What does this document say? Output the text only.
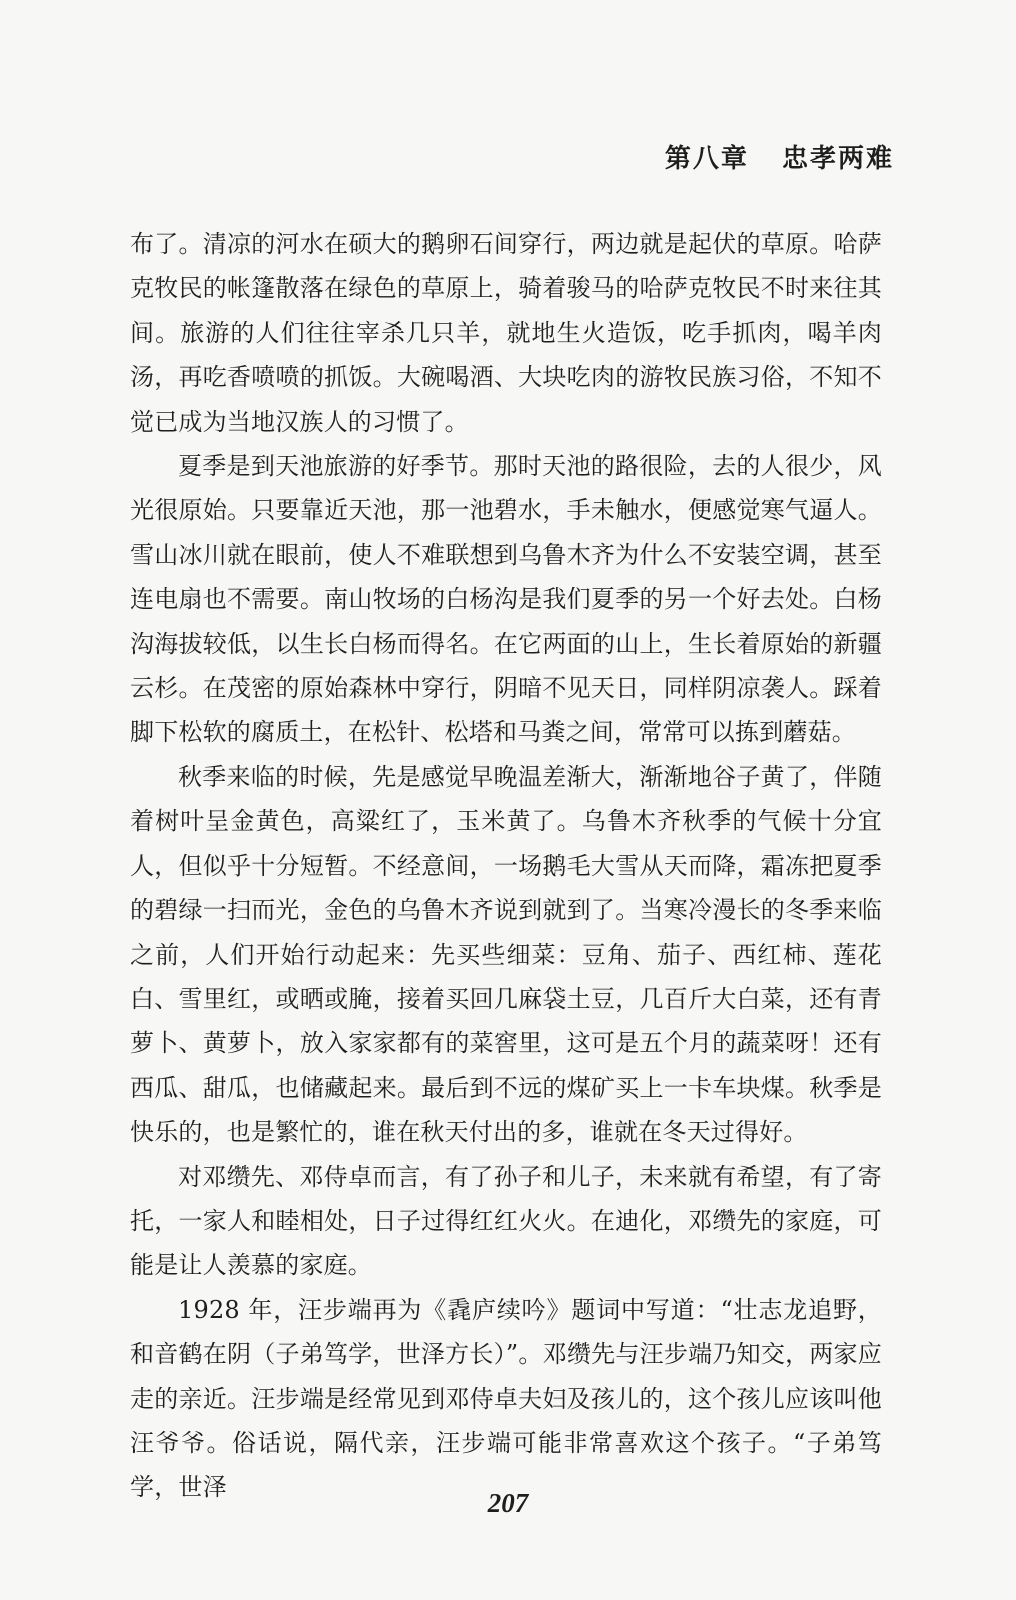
第八章   忠孝两难

布了。清凉的河水在硕大的鹅卵石间穿行，两边就是起伏的草原。哈萨克牧民的帐篷散落在绿色的草原上，骑着骏马的哈萨克牧民不时来往其间。旅游的人们往往宰杀几只羊，就地生火造饭，吃手抓肉，喝羊肉汤，再吃香喷喷的抓饭。大碗喝酒、大块吃肉的游牧民族习俗，不知不觉已成为当地汉族人的习惯了。

夏季是到天池旅游的好季节。那时天池的路很险，去的人很少，风光很原始。只要靠近天池，那一池碧水，手未触水，便感觉寒气逼人。雪山冰川就在眼前，使人不难联想到乌鲁木齐为什么不安装空调，甚至连电扇也不需要。南山牧场的白杨沟是我们夏季的另一个好去处。白杨沟海拔较低，以生长白杨而得名。在它两面的山上，生长着原始的新疆云杉。在茂密的原始森林中穿行，阴暗不见天日，同样阴凉袭人。踩着脚下松软的腐质土，在松针、松塔和马粪之间，常常可以拣到蘑菇。

秋季来临的时候，先是感觉早晚温差渐大，渐渐地谷子黄了，伴随着树叶呈金黄色，高粱红了，玉米黄了。乌鲁木齐秋季的气候十分宜人，但似乎十分短暂。不经意间，一场鹅毛大雪从天而降，霜冻把夏季的碧绿一扫而光，金色的乌鲁木齐说到就到了。当寒冷漫长的冬季来临之前，人们开始行动起来：先买些细菜：豆角、茄子、西红柿、莲花白、雪里红，或晒或腌，接着买回几麻袋土豆，几百斤大白菜，还有青萝卜、黄萝卜，放入家家都有的菜窖里，这可是五个月的蔬菜呀！还有西瓜、甜瓜，也储藏起来。最后到不远的煤矿买上一卡车块煤。秋季是快乐的，也是繁忙的，谁在秋天付出的多，谁就在冬天过得好。

对邓缵先、邓侍卓而言，有了孙子和儿子，未来就有希望，有了寄托，一家人和睦相处，日子过得红红火火。在迪化，邓缵先的家庭，可能是让人羡慕的家庭。

1928 年，汪步端再为《毳庐续吟》题词中写道：“壮志龙追野，和音鹤在阴（子弟笃学，世泽方长）”。邓缵先与汪步端乃知交，两家应走的亲近。汪步端是经常见到邓侍卓夫妇及孩儿的，这个孩儿应该叫他汪爷爷。俗话说，隔代亲，汪步端可能非常喜欢这个孩子。“子弟笃学，世泽

207
